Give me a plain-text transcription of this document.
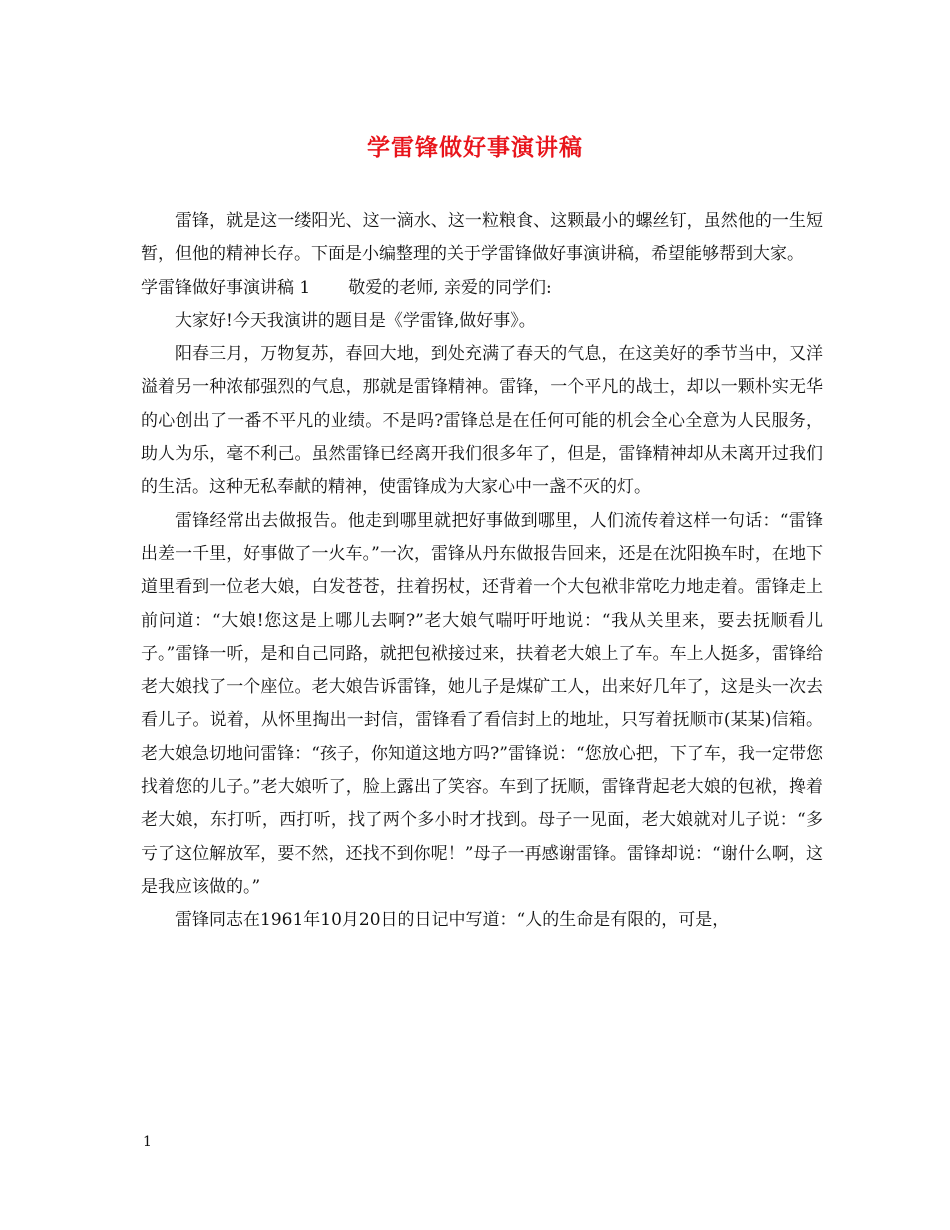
学雷锋做好事演讲稿

雷锋，就是这一缕阳光、这一滴水、这一粒粮食、这颗最小的螺丝钉，虽然他的一生短暂，但他的精神长存。下面是小编整理的关于学雷锋做好事演讲稿，希望能够帮到大家。

学雷锋做好事演讲稿 1 敬爱的老师, 亲爱的同学们:

大家好!今天我演讲的题目是《学雷锋,做好事》。

阳春三月，万物复苏，春回大地，到处充满了春天的气息，在这美好的季节当中，又洋溢着另一种浓郁强烈的气息，那就是雷锋精神。雷锋，一个平凡的战士，却以一颗朴实无华的心创出了一番不平凡的业绩。不是吗?雷锋总是在任何可能的机会全心全意为人民服务，助人为乐，毫不利己。虽然雷锋已经离开我们很多年了，但是，雷锋精神却从未离开过我们的生活。这种无私奉献的精神，使雷锋成为大家心中一盏不灭的灯。

雷锋经常出去做报告。他走到哪里就把好事做到哪里，人们流传着这样一句话：“雷锋出差一千里，好事做了一火车。”一次，雷锋从丹东做报告回来，还是在沈阳换车时，在地下道里看到一位老大娘，白发苍苍，拄着拐杖，还背着一个大包袱非常吃力地走着。雷锋走上前问道：“大娘!您这是上哪儿去啊?”老大娘气喘吁吁地说：“我从关里来，要去抚顺看儿子。”雷锋一听，是和自己同路，就把包袱接过来，扶着老大娘上了车。车上人挺多，雷锋给老大娘找了一个座位。老大娘告诉雷锋，她儿子是煤矿工人，出来好几年了，这是头一次去看儿子。说着，从怀里掏出一封信，雷锋看了看信封上的地址，只写着抚顺市(某某)信箱。老大娘急切地问雷锋：“孩子，你知道这地方吗?”雷锋说：“您放心把，下了车，我一定带您找着您的儿子。”老大娘听了，脸上露出了笑容。车到了抚顺，雷锋背起老大娘的包袱，搀着老大娘，东打听，西打听，找了两个多小时才找到。母子一见面，老大娘就对儿子说：“多亏了这位解放军，要不然，还找不到你呢！”母子一再感谢雷锋。雷锋却说：“谢什么啊，这是我应该做的。”

雷锋同志在1961年10月20日的日记中写道：“人的生命是有限的，可是，

1
